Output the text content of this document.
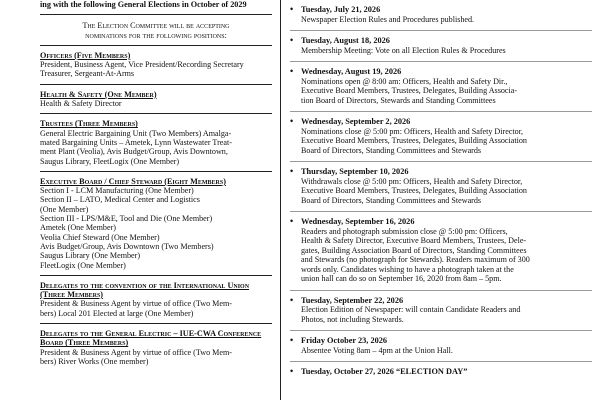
ing with the following General Elections in October of 2029
The Election Committee will be accepting
nominations for the following positions:
Officers (Five Members)
President, Business Agent, Vice President/Recording Secretary
Treasurer, Sergeant-At-Arms
Health & Safety (One Member)
Health & Safety Director
Trustees (Three Members)
General Electric Bargaining Unit (Two Members) Amalga-
mated Bargaining Units – Ametek, Lynn Wastewater Treat-
ment Plant (Veolia), Avis Budget/Group, Avis Downtown,
Saugus Library, FleetLogix (One Member)
Executive Board / Chief Steward (Eight Members)
Section I - LCM Manufacturing (One Member)
Section II – LATO, Medical Center and Logistics
(One Member)
Section III - LPS/M&E, Tool and Die (One Member)
Ametek (One Member)
Veolia Chief Steward (One Member)
Avis Budget/Group, Avis Downtown (Two Members)
Saugus Library (One Member)
FleetLogix (One Member)
Delegates to the convention of the International Union (Three Members)
President & Business Agent by virtue of office (Two Mem-
bers) Local 201 Elected at large (One Member)
Delegates to the General Electric – IUE-CWA Conference Board (Three Members)
President & Business Agent by virtue of office (Two Mem-
bers) River Works (One member)
• Tuesday, July 21, 2026
Newspaper Election Rules and Procedures published.
• Tuesday, August 18, 2026
Membership Meeting: Vote on all Election Rules & Procedures
• Wednesday, August 19, 2026
Nominations open @ 8:00 am: Officers, Health and Safety Dir.,
Executive Board Members, Trustees, Delegates, Building Associa-
tion Board of Directors, Stewards and Standing Committees
• Wednesday, September 2, 2026
Nominations close @ 5:00 pm: Officers, Health and Safety Director,
Executive Board Members, Trustees, Delegates, Building Association
Board of Directors, Standing Committees and Stewards
• Thursday, September 10, 2026
Withdrawals close @ 5:00 pm: Officers, Health and Safety Director,
Executive Board Members, Trustees, Delegates, Building Association
Board of Directors, Standing Committees and Stewards
• Wednesday, September 16, 2026
Readers and photograph submission close @ 5:00 pm: Officers,
Health & Safety Director, Executive Board Members, Trustees, Dele-
gates, Building Association Board of Directors, Standing Committees
and Stewards (no photograph for Stewards). Readers maximum of 300
words only. Candidates wishing to have a photograph taken at the
union hall can do so on September 16, 2020 from 8am – 5pm.
• Tuesday, September 22, 2026
Election Edition of Newspaper: will contain Candidate Readers and
Photos, not including Stewards.
• Friday October 23, 2026
Absentee Voting 8am – 4pm at the Union Hall.
• Tuesday, October 27, 2026 “ELECTION DAY”
